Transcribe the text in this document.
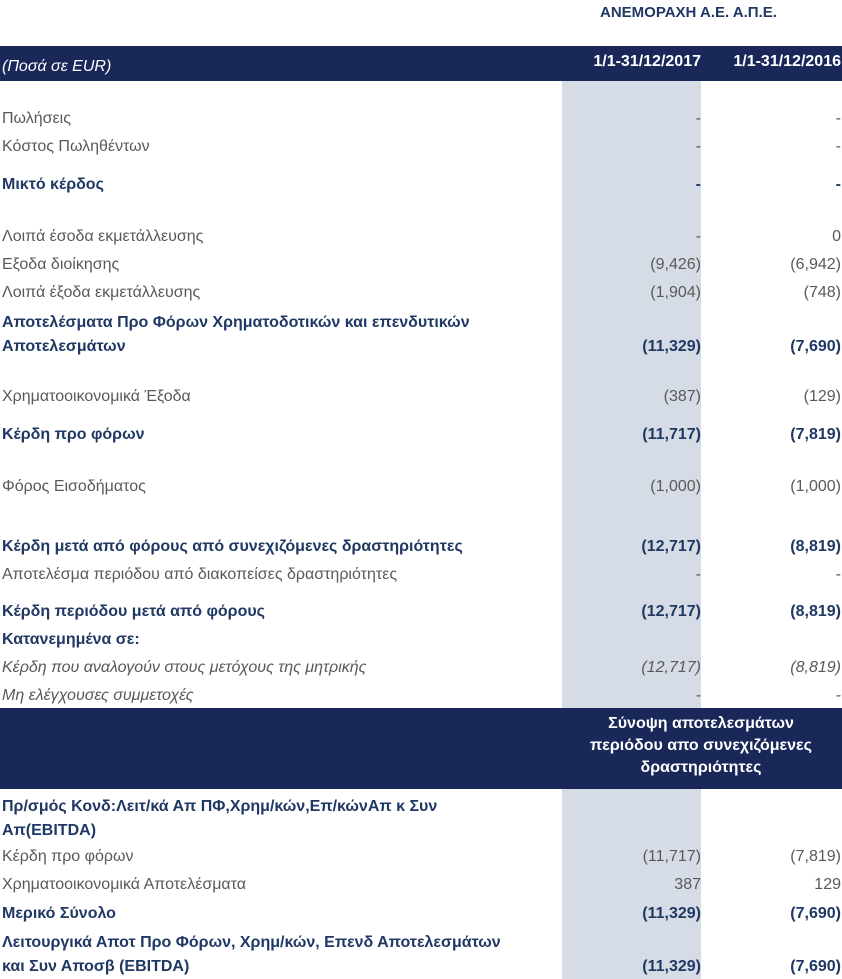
ΑΝΕΜΟΡΑΧΗ Α.Ε. Α.Π.Ε.
(Ποσά σε EUR)	1/1-31/12/2017	1/1-31/12/2016
Πωλήσεις	-	-
Κόστος Πωληθέντων	-	-
Μικτό κέρδος	-	-
Λοιπά έσοδα εκμετάλλευσης	-	0
Εξοδα διοίκησης	(9,426)	(6,942)
Λοιπά έξοδα εκμετάλλευσης	(1,904)	(748)
Αποτελέσματα Προ Φόρων Χρηματοδοτικών και επενδυτικών
Αποτελεσμάτων	(11,329)	(7,690)
Χρηματοοικονομικά Έξοδα	(387)	(129)
Κέρδη προ φόρων	(11,717)	(7,819)
Φόρος Εισοδήματος	(1,000)	(1,000)
Κέρδη μετά από φόρους από συνεχιζόμενες δραστηριότητες	(12,717)	(8,819)
Αποτελέσμα περιόδου από διακοπείσες δραστηριότητες	-	-
Κέρδη περιόδου μετά από φόρους	(12,717)	(8,819)
Κατανεμημένα σε:
Κέρδη που αναλογούν στους μετόχους της μητρικής	(12,717)	(8,819)
Μη ελέγχουσες συμμετοχές	-	-
Σύνοψη αποτελεσμάτων
περιόδου απο συνεχιζόμενες
δραστηριότητες
Πρ/σμός Κονδ:Λειτ/κά Απ ΠΦ,Χρημ/κών,Επ/κώνΑπ κ Συν
Απ(EBITDA)
Κέρδη προ φόρων	(11,717)	(7,819)
Χρηματοοικονομικά Αποτελέσματα	387	129
Μερικό Σύνολο	(11,329)	(7,690)
Λειτουργικά Αποτ Προ Φόρων, Χρημ/κών, Επενδ Αποτελεσμάτων
και Συν Αποσβ (EBITDA)	(11,329)	(7,690)
